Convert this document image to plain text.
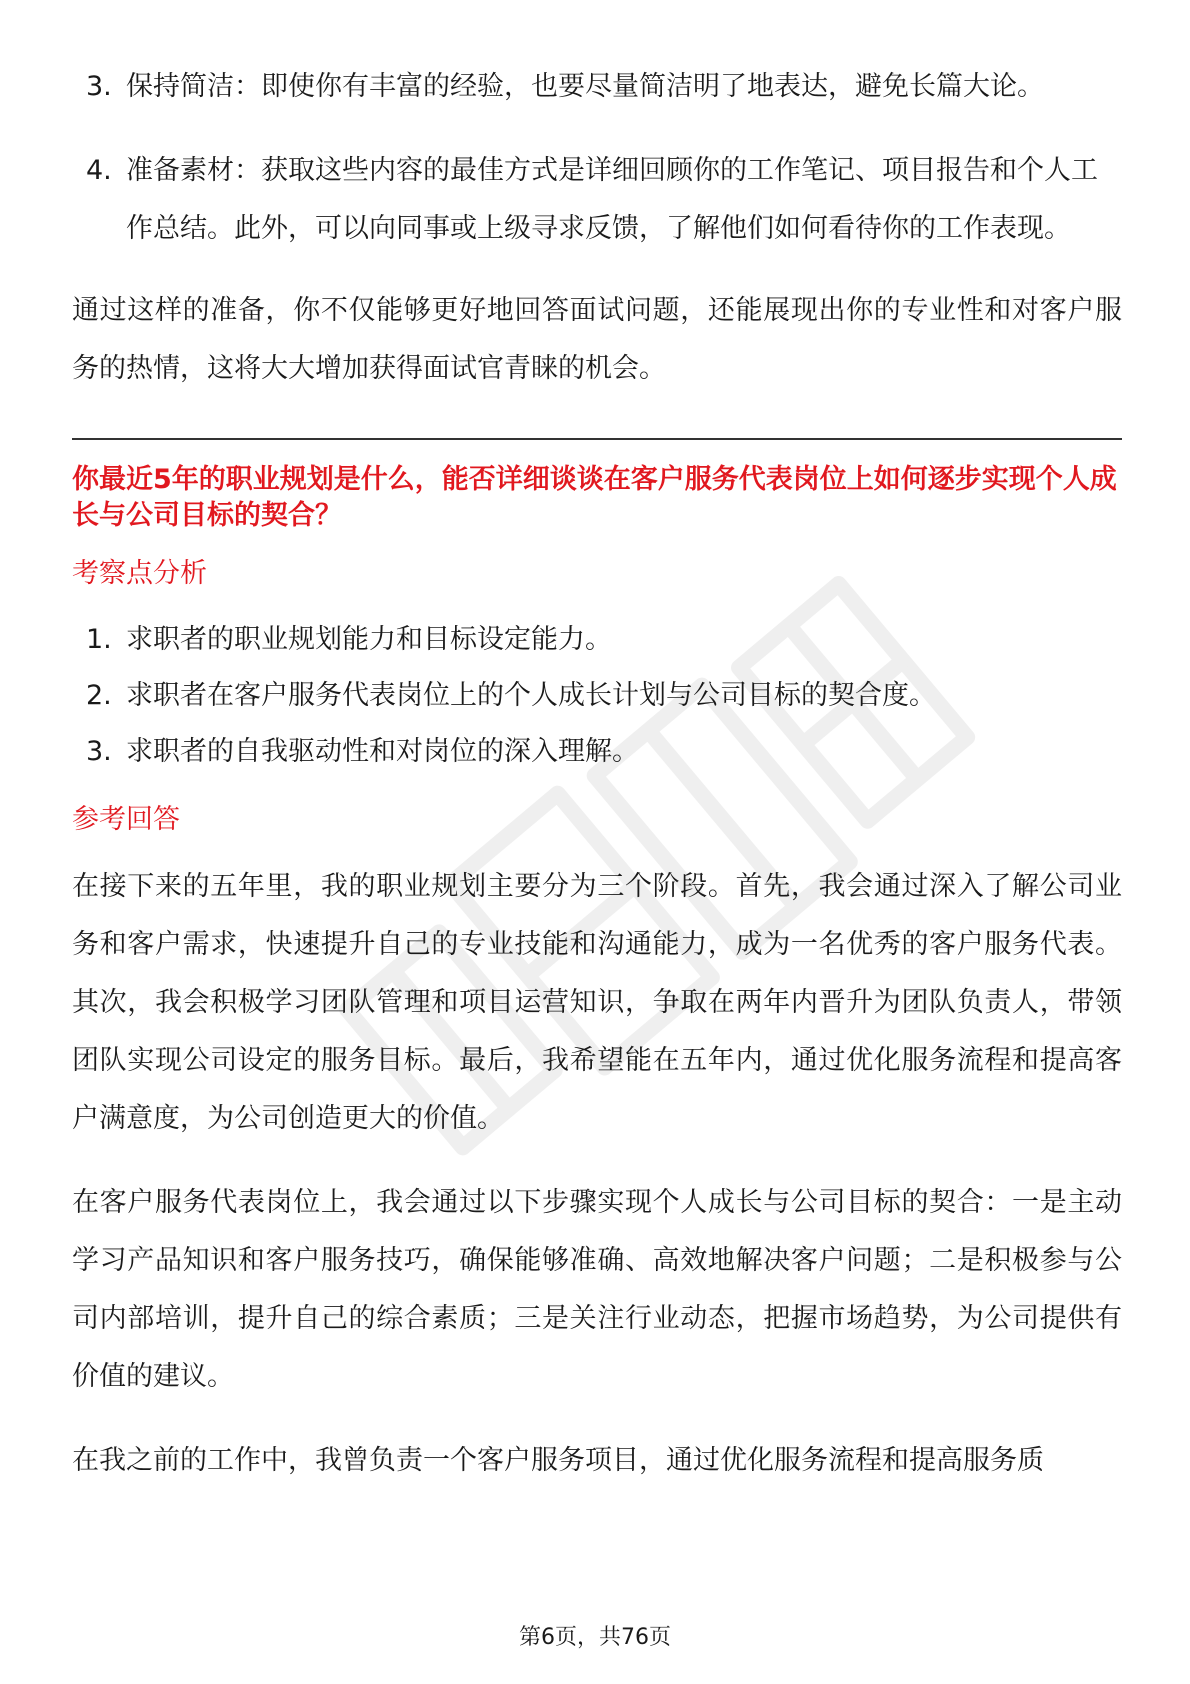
3. 保持简洁：即使你有丰富的经验，也要尽量简洁明了地表达，避免长篇大论。
4. 准备素材：获取这些内容的最佳方式是详细回顾你的工作笔记、项目报告和个人工作总结。此外，可以向同事或上级寻求反馈，了解他们如何看待你的工作表现。

通过这样的准备，你不仅能够更好地回答面试问题，还能展现出你的专业性和对客户服务的热情，这将大大增加获得面试官青睐的机会。

你最近5年的职业规划是什么，能否详细谈谈在客户服务代表岗位上如何逐步实现个人成长与公司目标的契合？
考察点分析
1. 求职者的职业规划能力和目标设定能力。
2. 求职者在客户服务代表岗位上的个人成长计划与公司目标的契合度。
3. 求职者的自我驱动性和对岗位的深入理解。
参考回答

在接下来的五年里，我的职业规划主要分为三个阶段。首先，我会通过深入了解公司业务和客户需求，快速提升自己的专业技能和沟通能力，成为一名优秀的客户服务代表。其次，我会积极学习团队管理和项目运营知识，争取在两年内晋升为团队负责人，带领团队实现公司设定的服务目标。最后，我希望能在五年内，通过优化服务流程和提高客户满意度，为公司创造更大的价值。

在客户服务代表岗位上，我会通过以下步骤实现个人成长与公司目标的契合：一是主动学习产品知识和客户服务技巧，确保能够准确、高效地解决客户问题；二是积极参与公司内部培训，提升自己的综合素质；三是关注行业动态，把握市场趋势，为公司提供有价值的建议。

在我之前的工作中，我曾负责一个客户服务项目，通过优化服务流程和提高服务质

第6页，共76页
